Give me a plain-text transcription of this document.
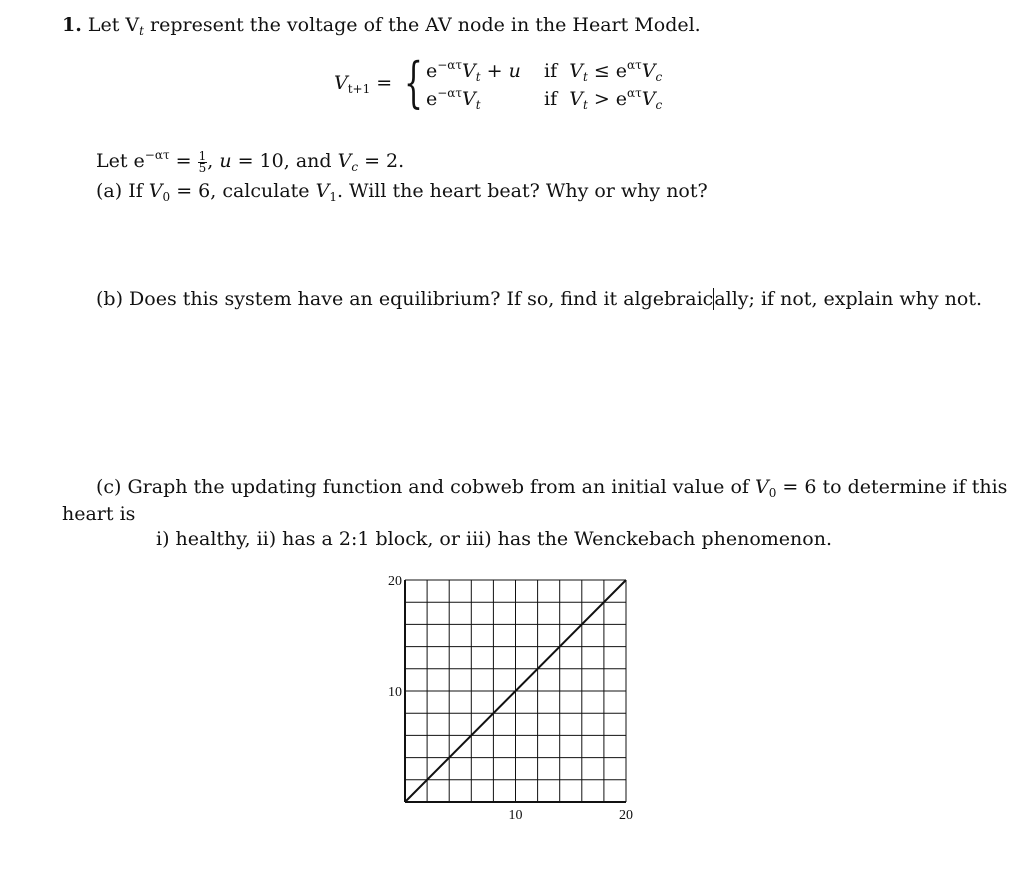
1. Let $V_t$ represent the voltage of the AV node in the Heart Model.
$V_{t+1}$ = { $e^{-\alpha\tau}V_t + u$ if $V_t \le e^{\alpha\tau}V_c$
$e^{-\alpha\tau}V_t$	if $V_t > e^{\alpha\tau}V_c$
Let $e^{-\alpha\tau} = \frac{1}{5}$ , u = 10, and $V_c = 2$.
(a) If $V_0 = 6$, calculate $V_1$. Will the heart beat? Why or why not?
(b) Does this system have an equilibrium? If so, find it algebraically; if not, explain why not.
(c) Graph the updating function and cobweb from an initial value of $V_0 = 6$ to determine if this
heart is
i) healthy, ii) has a 2:1 block, or iii) has the Wenckebach phenomenon.
20
10
10	20
